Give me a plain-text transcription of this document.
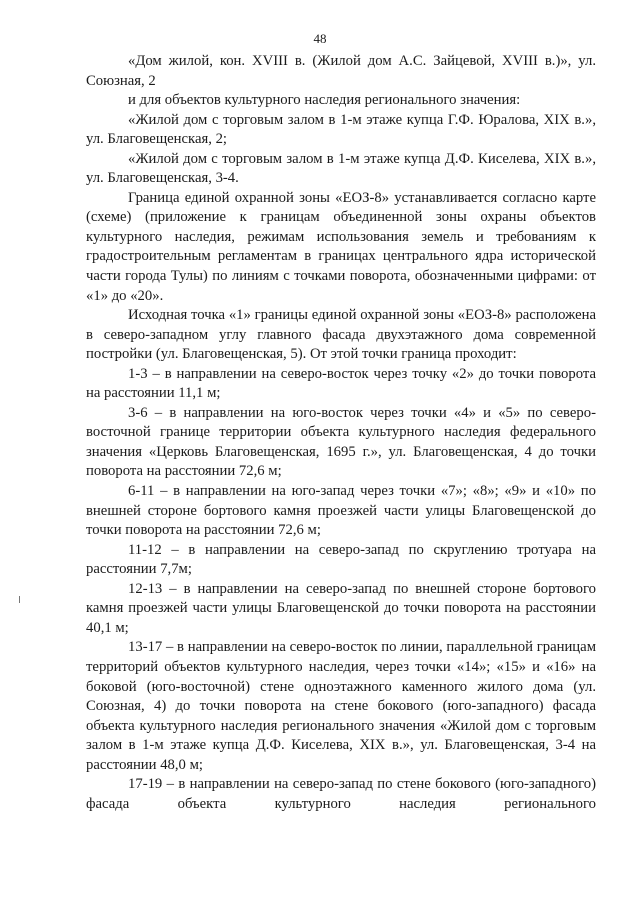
48

«Дом жилой, кон. XVIII в. (Жилой дом А.С. Зайцевой, XVIII в.)», ул. Союзная, 2

и для объектов культурного наследия регионального значения:

«Жилой дом с торговым залом в 1-м этаже купца Г.Ф. Юралова, XIX в.», ул. Благовещенская, 2;

«Жилой дом с торговым залом в 1-м этаже купца Д.Ф. Киселева, XIX в.», ул. Благовещенская, 3-4.

Граница единой охранной зоны «ЕОЗ-8» устанавливается согласно карте (схеме) (приложение к границам объединенной зоны охраны объектов культурного наследия, режимам использования земель и требованиям к градостроительным регламентам в границах центрального ядра исторической части города Тулы) по линиям с точками поворота, обозначенными цифрами: от «1» до «20».

Исходная точка «1» границы единой охранной зоны «ЕОЗ-8» расположена в северо-западном углу главного фасада двухэтажного дома современной постройки (ул. Благовещенская, 5). От этой точки граница проходит:

1-3 – в направлении на северо-восток через точку «2» до точки поворота на расстоянии 11,1 м;

3-6 – в направлении на юго-восток через точки «4» и «5» по северо-восточной границе территории объекта культурного наследия федерального значения «Церковь Благовещенская, 1695 г.», ул. Благовещенская, 4 до точки поворота на расстоянии 72,6 м;

6-11 – в направлении на юго-запад через точки «7»; «8»; «9» и «10» по внешней стороне бортового камня проезжей части улицы Благовещенской до точки поворота на расстоянии 72,6 м;

11-12 – в направлении на северо-запад по скруглению тротуара на расстоянии 7,7м;

12-13 – в направлении на северо-запад по внешней стороне бортового камня проезжей части улицы Благовещенской до точки поворота на расстоянии 40,1 м;

13-17 – в направлении на северо-восток по линии, параллельной границам территорий объектов культурного наследия, через точки «14»; «15» и «16» на боковой (юго-восточной) стене одноэтажного каменного жилого дома (ул. Союзная, 4) до точки поворота на стене бокового (юго-западного) фасада объекта культурного наследия регионального значения «Жилой дом с торговым залом в 1-м этаже купца Д.Ф. Киселева, XIX в.», ул. Благовещенская, 3-4 на расстоянии 48,0 м;

17-19 – в направлении на северо-запад по стене бокового (юго-западного) фасада объекта культурного наследия регионального
